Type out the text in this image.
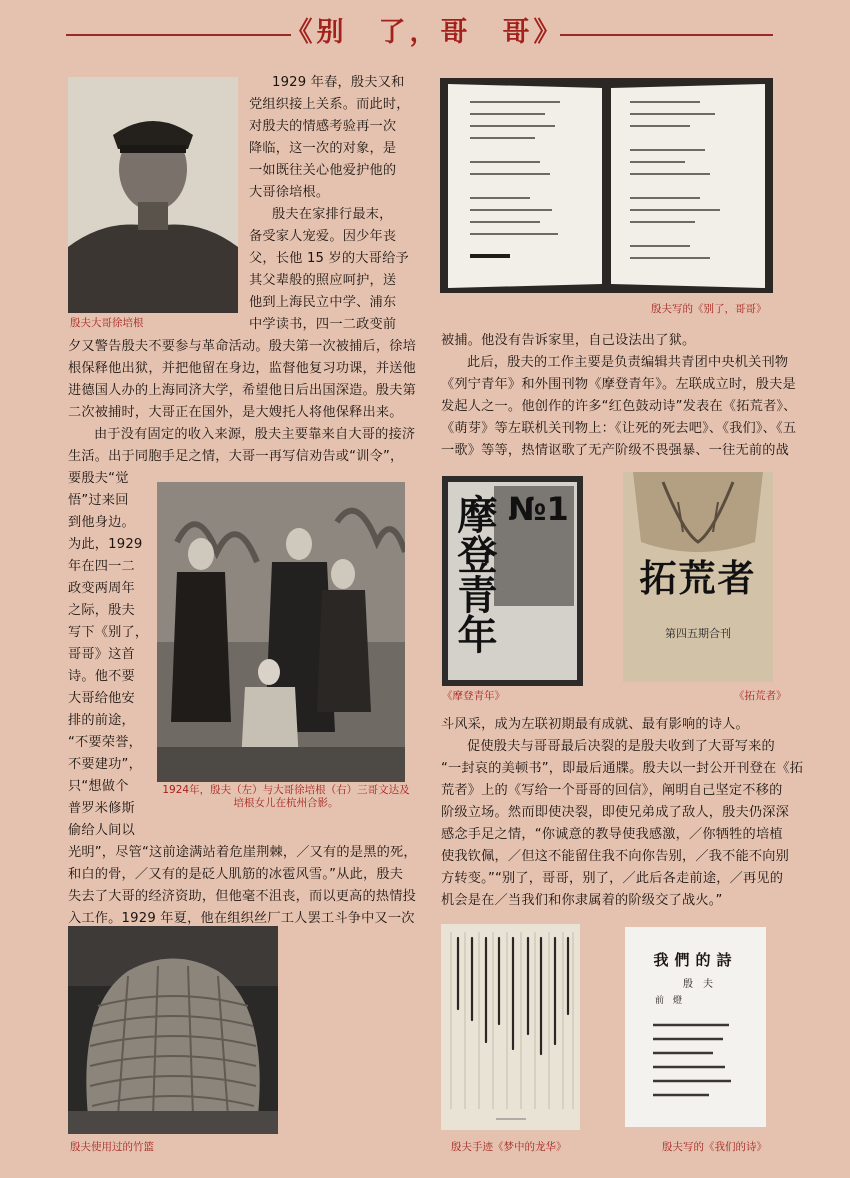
《别　了，哥　哥》
殷夫大哥徐培根

1929 年春，殷夫又和

党组织接上关系。而此时，

对殷夫的情感考验再一次

降临，这一次的对象，是

一如既往关心他爱护他的

大哥徐培根。

殷夫在家排行最末，

备受家人宠爱。因少年丧

父，长他 15 岁的大哥给予

其父辈般的照应呵护，送

他到上海民立中学、浦东

中学读书，四一二政变前

夕又警告殷夫不要参与革命活动。殷夫第一次被捕后，徐培

根保释他出狱，并把他留在身边，监督他复习功课，并送他

进德国人办的上海同济大学，希望他日后出国深造。殷夫第

二次被捕时，大哥正在国外，是大嫂托人将他保释出来。

由于没有固定的收入来源，殷夫主要靠来自大哥的接济

生活。出于同胞手足之情，大哥一再写信劝告或“训令”，

要殷夫“觉

悟”过来回

到他身边。

为此，1929

年在四一二

政变两周年

之际，殷夫

写下《别了，

哥哥》这首

诗。他不要

大哥给他安

排的前途，

“不要荣誉，

不要建功”，

只“想做个

普罗米修斯

偷给人间以

光明”，尽管“这前途满站着危崖荆棘，／又有的是黑的死，

和白的骨，／又有的是砭人肌筋的冰雹风雪。”从此，殷夫

失去了大哥的经济资助，但他毫不沮丧，而以更高的热情投

入工作。1929 年夏，他在组织丝厂工人罢工斗争中又一次

1924年，殷夫（左）与大哥徐培根（右）三哥文达及培根女儿在杭州合影。
殷夫写的《别了，哥哥》

被捕。他没有告诉家里，自己设法出了狱。

此后，殷夫的工作主要是负责编辑共青团中央机关刊物

《列宁青年》和外围刊物《摩登青年》。左联成立时，殷夫是

发起人之一。他创作的许多“红色鼓动诗”发表在《拓荒者》、

《萌芽》等左联机关刊物上：《让死的死去吧》、《我们》、《五

一歌》等等，热情讴歌了无产阶级不畏强暴、一往无前的战

斗风采，成为左联初期最有成就、最有影响的诗人。

促使殷夫与哥哥最后决裂的是殷夫收到了大哥写来的

“一封哀的美顿书”，即最后通牒。殷夫以一封公开刊登在《拓

荒者》上的《写给一个哥哥的回信》，阐明自己坚定不移的

阶级立场。然而即使决裂，即使兄弟成了敌人，殷夫仍深深

感念手足之情，“你诚意的教导使我感激，／你牺牲的培植

使我钦佩，／但这不能留住我不向你告别，／我不能不向别

方转变。”“别了，哥哥，别了，／此后各走前途，／再见的

机会是在／当我们和你隶属着的阶级交了战火。”

№1
摩登青年
《摩登青年》
拓荒者
第四五期合刊
《拓荒者》
殷夫使用过的竹篮	殷夫手迹《梦中的龙华》
我們的詩
殷　夫
前　燈
殷夫写的《我们的诗》
